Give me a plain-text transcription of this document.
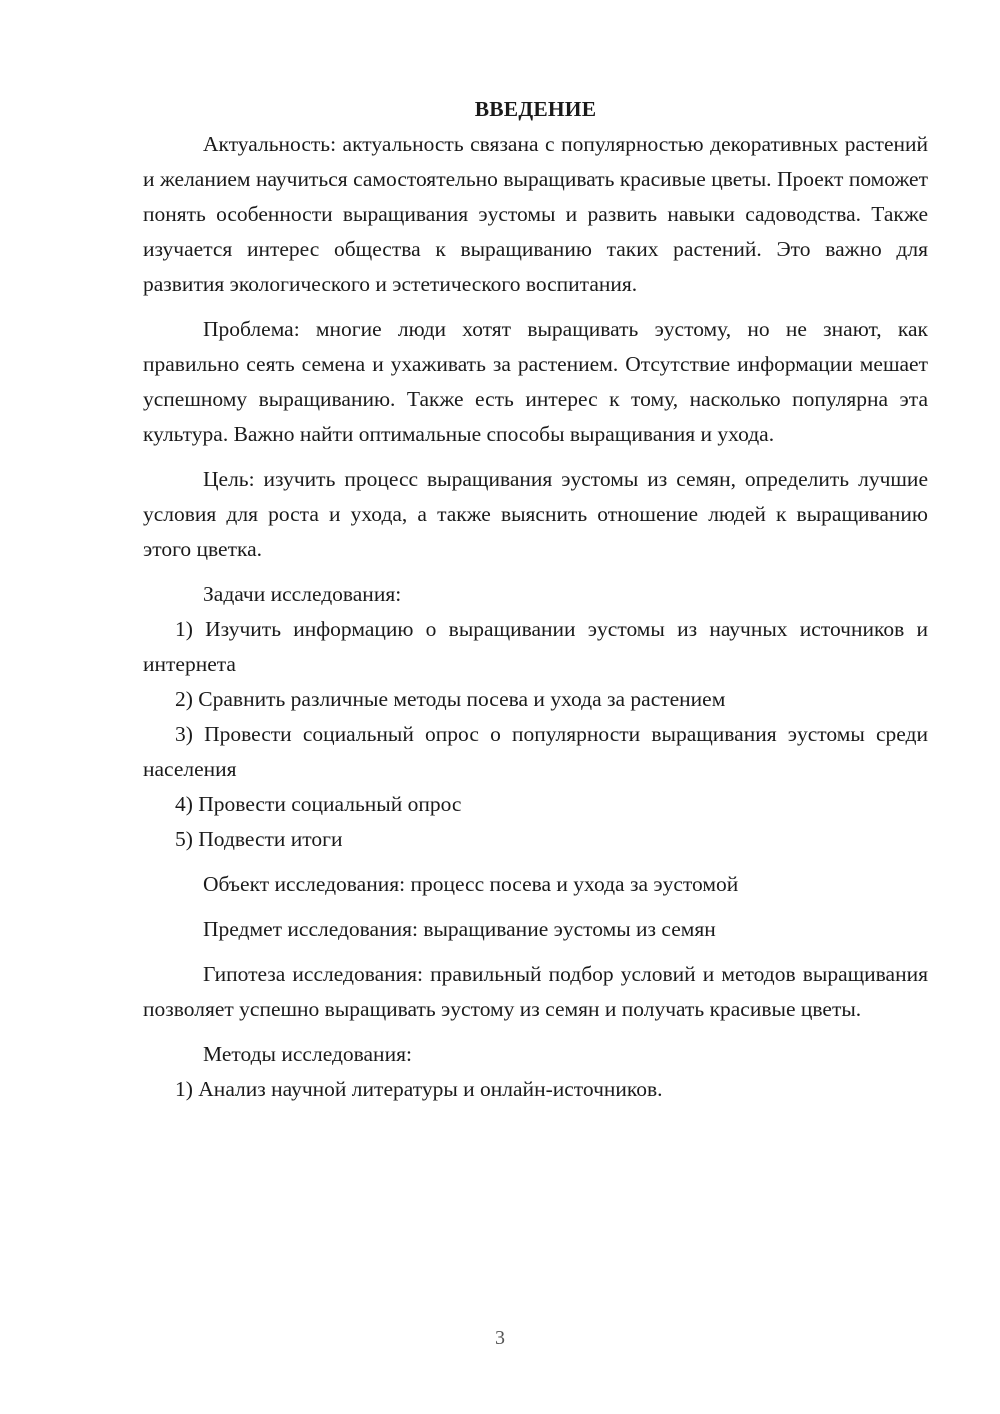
ВВЕДЕНИЕ

Актуальность: актуальность связана с популярностью декоративных растений и желанием научиться самостоятельно выращивать красивые цветы. Проект поможет понять особенности выращивания эустомы и развить навыки садоводства. Также изучается интерес общества к выращиванию таких растений. Это важно для развития экологического и эстетического воспитания.

Проблема: многие люди хотят выращивать эустому, но не знают, как правильно сеять семена и ухаживать за растением. Отсутствие информации мешает успешному выращиванию. Также есть интерес к тому, насколько популярна эта культура. Важно найти оптимальные способы выращивания и ухода.

Цель: изучить процесс выращивания эустомы из семян, определить лучшие условия для роста и ухода, а также выяснить отношение людей к выращиванию этого цветка.

Задачи исследования:

1) Изучить информацию о выращивании эустомы из научных источников и интернета

2) Сравнить различные методы посева и ухода за растением

3) Провести социальный опрос о популярности выращивания эустомы среди населения

4) Провести социальный опрос

5) Подвести итоги

Объект исследования: процесс посева и ухода за эустомой

Предмет исследования: выращивание эустомы из семян

Гипотеза исследования: правильный подбор условий и методов выращивания позволяет успешно выращивать эустому из семян и получать красивые цветы.

Методы исследования:

1) Анализ научной литературы и онлайн-источников.

3
